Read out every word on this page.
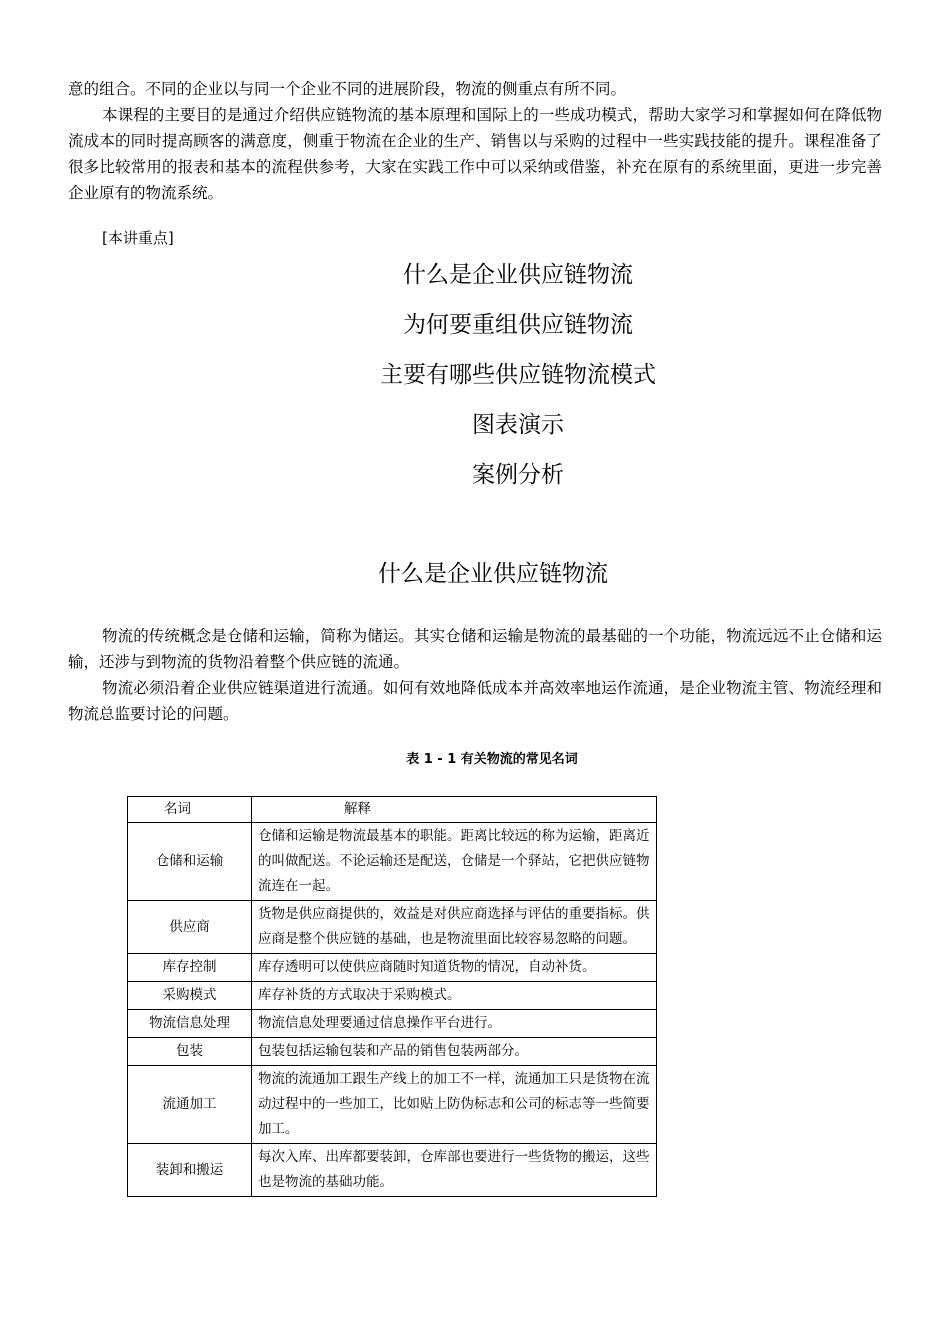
意的组合。不同的企业以与同一个企业不同的进展阶段，物流的侧重点有所不同。

本课程的主要目的是通过介绍供应链物流的基本原理和国际上的一些成功模式，帮助大家学习和掌握如何在降低物流成本的同时提高顾客的满意度，侧重于物流在企业的生产、销售以与采购的过程中一些实践技能的提升。课程准备了很多比较常用的报表和基本的流程供参考，大家在实践工作中可以采纳或借鉴，补充在原有的系统里面，更进一步完善企业原有的物流系统。

[本讲重点]

什么是企业供应链物流

为何要重组供应链物流

主要有哪些供应链物流模式

图表演示

案例分析

什么是企业供应链物流

物流的传统概念是仓储和运输，简称为储运。其实仓储和运输是物流的最基础的一个功能，物流远远不止仓储和运输，还涉与到物流的货物沿着整个供应链的流通。

物流必须沿着企业供应链渠道进行流通。如何有效地降低成本并高效率地运作流通，是企业物流主管、物流经理和物流总监要讨论的问题。

表 1 - 1 有关物流的常见名词

名词	解释
仓储和运输	仓储和运输是物流最基本的职能。距离比较远的称为运输，距离近的叫做配送。不论运输还是配送，仓储是一个驿站，它把供应链物流连在一起。
供应商	货物是供应商提供的，效益是对供应商选择与评估的重要指标。供应商是整个供应链的基础，也是物流里面比较容易忽略的问题。
库存控制	库存透明可以使供应商随时知道货物的情况，自动补货。
采购模式	库存补货的方式取决于采购模式。
物流信息处理	物流信息处理要通过信息操作平台进行。
包装	包装包括运输包装和产品的销售包装两部分。
流通加工	物流的流通加工跟生产线上的加工不一样，流通加工只是货物在流动过程中的一些加工，比如贴上防伪标志和公司的标志等一些简要加工。
装卸和搬运	每次入库、出库都要装卸，仓库部也要进行一些货物的搬运，这些也是物流的基础功能。
